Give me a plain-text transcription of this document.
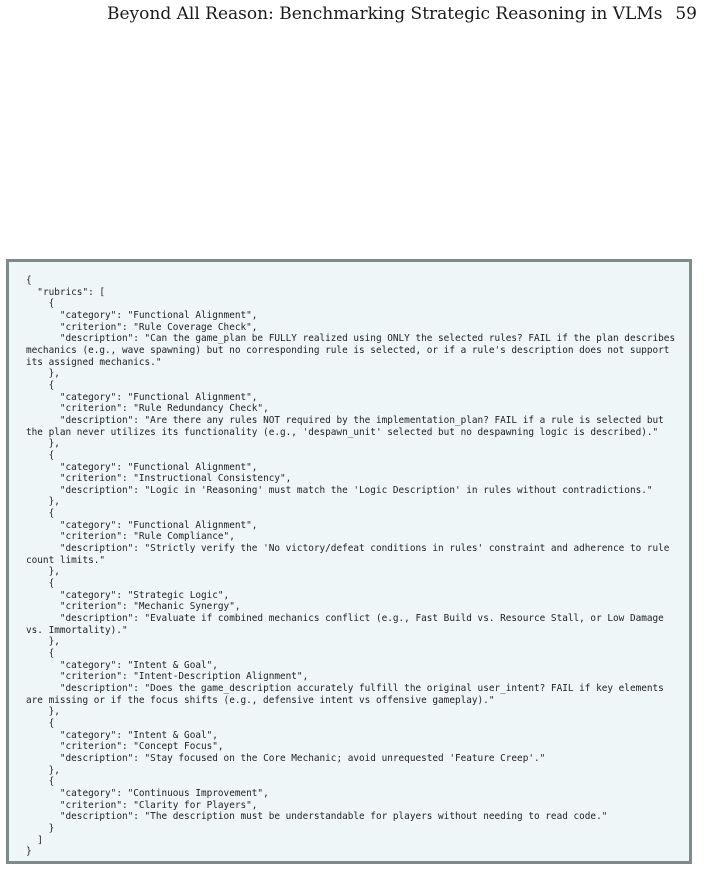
Beyond All Reason: Benchmarking Strategic Reasoning in VLMs 59
{
"rubrics": [
{
"category": "Functional Alignment",
"criterion": "Rule Coverage Check",
"description": "Can the game_plan be FULLY realized using ONLY the selected rules? FAIL if the plan describes
mechanics (e.g., wave spawning) but no corresponding rule is selected, or if a rule's description does not support
its assigned mechanics."
},
{
"category": "Functional Alignment",
"criterion": "Rule Redundancy Check",
"description": "Are there any rules NOT required by the implementation_plan? FAIL if a rule is selected but
the plan never utilizes its functionality (e.g., 'despawn_unit' selected but no despawning logic is described)."
},
{
"category": "Functional Alignment",
"criterion": "Instructional Consistency",
"description": "Logic in 'Reasoning' must match the 'Logic Description' in rules without contradictions."
},
{
"category": "Functional Alignment",
"criterion": "Rule Compliance",
"description": "Strictly verify the 'No victory/defeat conditions in rules' constraint and adherence to rule
count limits."
},
{
"category": "Strategic Logic",
"criterion": "Mechanic Synergy",
"description": "Evaluate if combined mechanics conflict (e.g., Fast Build vs. Resource Stall, or Low Damage
vs. Immortality)."
},
{
"category": "Intent & Goal",
"criterion": "Intent-Description Alignment",
"description": "Does the game_description accurately fulfill the original user_intent? FAIL if key elements
are missing or if the focus shifts (e.g., defensive intent vs offensive gameplay)."
},
{
"category": "Intent & Goal",
"criterion": "Concept Focus",
"description": "Stay focused on the Core Mechanic; avoid unrequested 'Feature Creep'."
},
{
"category": "Continuous Improvement",
"criterion": "Clarity for Players",
"description": "The description must be understandable for players without needing to read code."
}
]
}
